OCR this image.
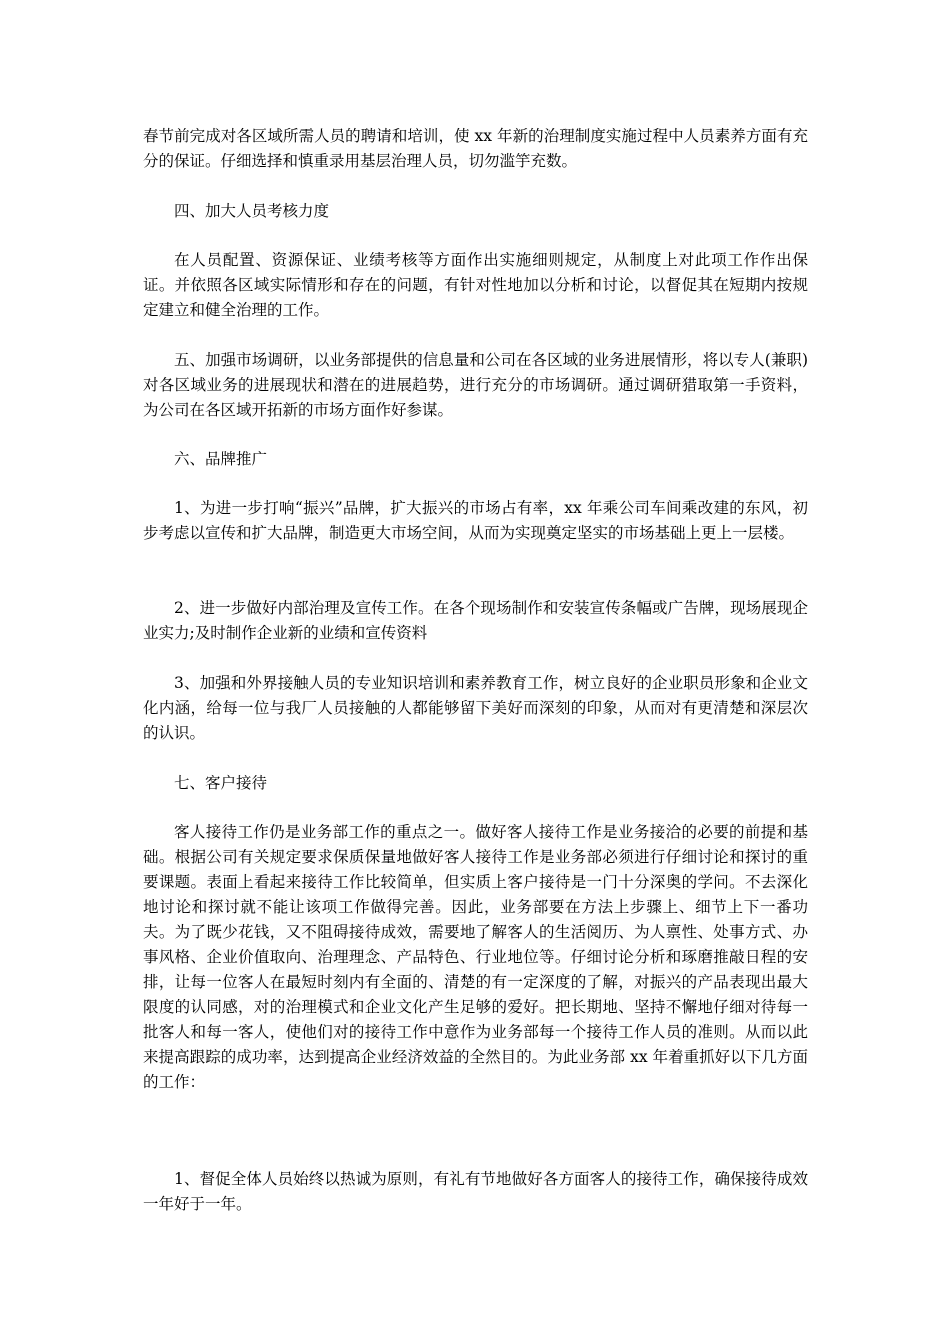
春节前完成对各区域所需人员的聘请和培训，使 xx 年新的治理制度实施过程中人员素养方面有充分的保证。仔细选择和慎重录用基层治理人员，切勿滥竽充数。

四、加大人员考核力度

在人员配置、资源保证、业绩考核等方面作出实施细则规定，从制度上对此项工作作出保证。并依照各区域实际情形和存在的问题，有针对性地加以分析和讨论，以督促其在短期内按规定建立和健全治理的工作。

五、加强市场调研，以业务部提供的信息量和公司在各区域的业务进展情形，将以专人(兼职)对各区域业务的进展现状和潜在的进展趋势，进行充分的市场调研。通过调研猎取第一手资料，为公司在各区域开拓新的市场方面作好参谋。

六、品牌推广

1、为进一步打响“振兴”品牌，扩大振兴的市场占有率，xx 年乘公司车间乘改建的东风，初步考虑以宣传和扩大品牌，制造更大市场空间，从而为实现奠定坚实的市场基础上更上一层楼。

2、进一步做好内部治理及宣传工作。在各个现场制作和安装宣传条幅或广告牌，现场展现企业实力;及时制作企业新的业绩和宣传资料

3、加强和外界接触人员的专业知识培训和素养教育工作，树立良好的企业职员形象和企业文化内涵，给每一位与我厂人员接触的人都能够留下美好而深刻的印象，从而对有更清楚和深层次的认识。

七、客户接待

客人接待工作仍是业务部工作的重点之一。做好客人接待工作是业务接洽的必要的前提和基础。根据公司有关规定要求保质保量地做好客人接待工作是业务部必须进行仔细讨论和探讨的重要课题。表面上看起来接待工作比较简单，但实质上客户接待是一门十分深奥的学问。不去深化地讨论和探讨就不能让该项工作做得完善。因此，业务部要在方法上步骤上、细节上下一番功夫。为了既少花钱，又不阻碍接待成效，需要地了解客人的生活阅历、为人禀性、处事方式、办事风格、企业价值取向、治理理念、产品特色、行业地位等。仔细讨论分析和琢磨推敲日程的安排，让每一位客人在最短时刻内有全面的、清楚的有一定深度的了解，对振兴的产品表现出最大限度的认同感，对的治理模式和企业文化产生足够的爱好。把长期地、坚持不懈地仔细对待每一批客人和每一客人，使他们对的接待工作中意作为业务部每一个接待工作人员的准则。从而以此来提高跟踪的成功率，达到提高企业经济效益的全然目的。为此业务部 xx 年着重抓好以下几方面的工作：

1、督促全体人员始终以热诚为原则，有礼有节地做好各方面客人的接待工作，确保接待成效一年好于一年。
